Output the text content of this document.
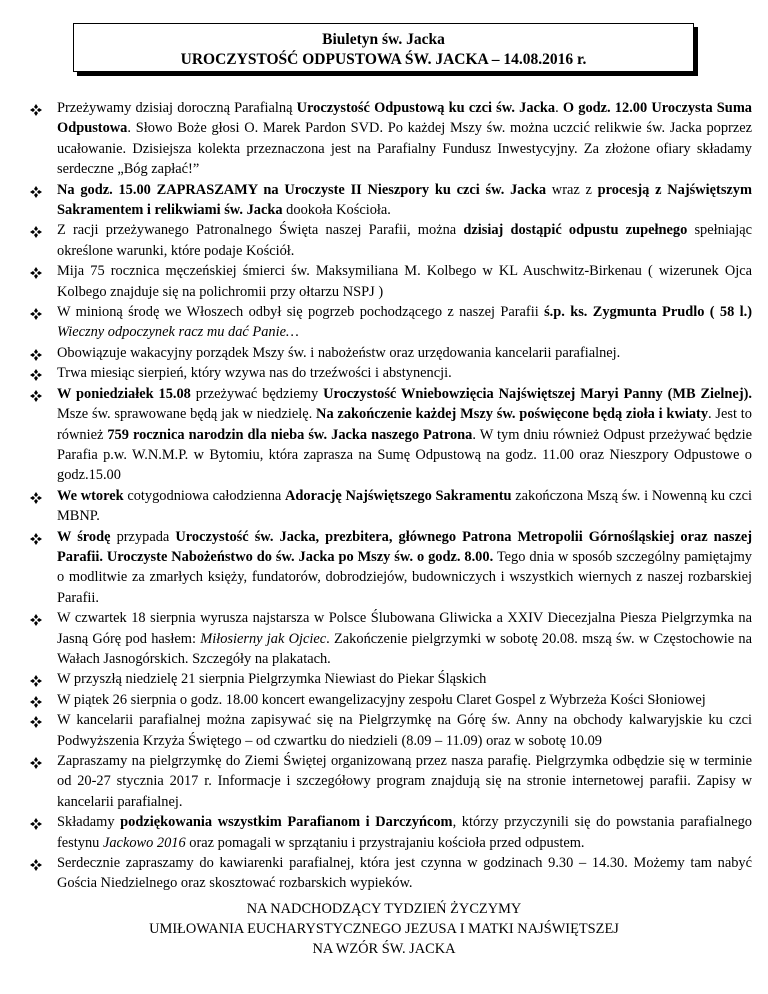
Biuletyn św. Jacka
UROCZYSTOŚĆ ODPUSTOWA ŚW. JACKA – 14.08.2016 r.
Przeżywamy dzisiaj doroczną Parafialną Uroczystość Odpustową ku czci św. Jacka. O godz. 12.00 Uroczysta Suma Odpustowa. Słowo Boże głosi O. Marek Pardon SVD. Po każdej Mszy św. można uczcić relikwie św. Jacka poprzez ucałowanie. Dzisiejsza kolekta przeznaczona jest na Parafialny Fundusz Inwestycyjny. Za złożone ofiary składamy serdeczne „Bóg zapłać!”
Na godz. 15.00 ZAPRASZAMY na Uroczyste II Nieszpory ku czci św. Jacka wraz z procesją z Najświętszym Sakramentem i relikwiami św. Jacka dookoła Kościoła.
Z racji przeżywanego Patronalnego Święta naszej Parafii, można dzisiaj dostąpić odpustu zupełnego spełniając określone warunki, które podaje Kościół.
Mija 75 rocznica męczeńskiej śmierci św. Maksymiliana M. Kolbego w KL Auschwitz-Birkenau ( wizerunek Ojca Kolbego znajduje się na polichromii przy ołtarzu NSPJ )
W minioną środę we Włoszech odbył się pogrzeb pochodzącego z naszej Parafii ś.p. ks. Zygmunta Prudlo ( 58 l.) Wieczny odpoczynek racz mu dać Panie…
Obowiązuje wakacyjny porządek Mszy św. i nabożeństw oraz urzędowania kancelarii parafialnej.
Trwa miesiąc sierpień, który wzywa nas do trzeźwości i abstynencji.
W poniedziałek 15.08 przeżywać będziemy Uroczystość Wniebowzięcia Najświętszej Maryi Panny (MB Zielnej). Msze św. sprawowane będą jak w niedzielę. Na zakończenie każdej Mszy św. poświęcone będą zioła i kwiaty. Jest to również 759 rocznica narodzin dla nieba św. Jacka naszego Patrona. W tym dniu również Odpust przeżywać będzie Parafia p.w. W.N.M.P. w Bytomiu, która zaprasza na Sumę Odpustową na godz. 11.00 oraz Nieszpory Odpustowe o godz.15.00
We wtorek cotygodniowa całodzienna Adorację Najświętszego Sakramentu zakończona Mszą św. i Nowenną ku czci MBNP.
W środę przypada Uroczystość św. Jacka, prezbitera, głównego Patrona Metropolii Górnośląskiej oraz naszej Parafii. Uroczyste Nabożeństwo do św. Jacka po Mszy św. o godz. 8.00. Tego dnia w sposób szczególny pamiętajmy o modlitwie za zmarłych księży, fundatorów, dobrodziejów, budowniczych i wszystkich wiernych z naszej rozbarskiej Parafii.
W czwartek 18 sierpnia wyrusza najstarsza w Polsce Ślubowana Gliwicka a XXIV Diecezjalna Piesza Pielgrzymka na Jasną Górę pod hasłem: Miłosierny jak Ojciec. Zakończenie pielgrzymki w sobotę 20.08. mszą św. w Częstochowie na Wałach Jasnogórskich. Szczegóły na plakatach.
W przyszłą niedzielę 21 sierpnia Pielgrzymka Niewiast do Piekar Śląskich
W piątek 26 sierpnia o godz. 18.00 koncert ewangelizacyjny zespołu Claret Gospel z Wybrzeża Kości Słoniowej
W kancelarii parafialnej można zapisywać się na Pielgrzymkę na Górę św. Anny na obchody kalwaryjskie ku czci Podwyższenia Krzyża Świętego – od czwartku do niedzieli (8.09 – 11.09) oraz w sobotę 10.09
Zapraszamy na pielgrzymkę do Ziemi Świętej organizowaną przez nasza parafię. Pielgrzymka odbędzie się w terminie od 20-27 stycznia 2017 r. Informacje i szczegółowy program znajdują się na stronie internetowej parafii. Zapisy w kancelarii parafialnej.
Składamy podziękowania wszystkim Parafianom i Darczyńcom, którzy przyczynili się do powstania parafialnego festynu Jackowo 2016 oraz pomagali w sprzątaniu i przystrajaniu kościoła przed odpustem.
Serdecznie zapraszamy do kawiarenki parafialnej, która jest czynna w godzinach 9.30 – 14.30. Możemy tam nabyć Gościa Niedzielnego oraz skosztować rozbarskich wypieków.
NA NADCHODZĄCY TYDZIEŃ ŻYCZYMY
UMIŁOWANIA EUCHARYSTYCZNEGO JEZUSA I MATKI NAJŚWIĘTSZEJ
NA WZÓR ŚW. JACKA
